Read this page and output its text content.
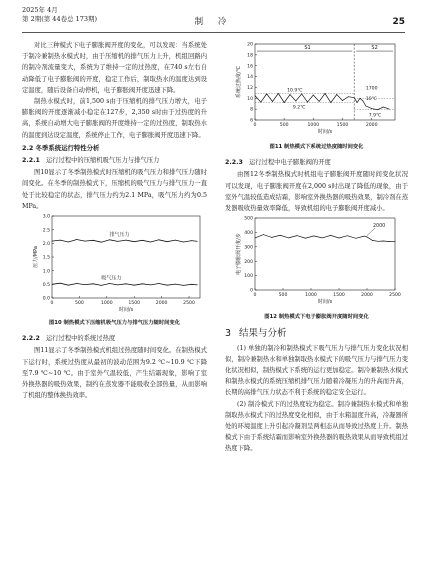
2025年 4月
第 2期(第 44卷总 173期)	制 冷	25

对比三种模式下电子膨胀阀开度的变化，可以发现：当系统处于制冷兼制热水模式时，由于压缩机的排气压力上升，机组回路内的制冷剂流量变大，系统为了维持一定的过热度，在740 s左右自动降低了电子膨胀阀的开度，稳定工作后，制取热水的温度达到设定温度，随后设备自动停机，电子膨胀阀开度迅速下降。

制热水模式时，前1,500 s由于压缩机的排气压力增大，电子膨胀阀的开度逐渐减小稳定在127步，2,350 s时由于过热度的升高，系统自动增大电子膨胀阀的开度维持一定的过热度，制取热水的温度到达设定温度，系统停止工作，电子膨胀阀开度迅速下降。

2.2 冬季系统运行特性分析
2.2.1 运行过程中的压缩机吸气压力与排气压力

图10显示了冬季制热模式时压缩机的吸气压力和排气压力随时间变化。在冬季的制热模式下，压缩机的吸气压力与排气压力一直处于比较稳定的状态，排气压力约为2.1 MPa，吸气压力约为0.5 MPa。

0	500	1000	1500	2000	2500
0.0
0.5
1.0
1.5
2.0
2.5
3.0
时间/s
压力/MPa
排气压力
吸气压力
图10 制热模式下压缩机吸气压力与排气压力随时间变化
2.2.2 运行过程中的系统过热度

图11显示了冬季制热模式机组过热度随时间变化。在制热模式下运行时，系统过热度从最初的波动范围为9.2 ℃~10.9 ℃下降至7.9 ℃~10 ℃。由于室外气温较低，产生结霜现象，影响了室外换热器的吸热效果，制约在蒸发器不能吸收全部热量，从而影响了机组的整体换热效率。

0	500	1000	1500	2000
6
8
10
12
14
16
18
20
时间/s
系统过热度/℃
S1	S2
10.9℃
9.2℃
1700
10℃
7.9℃
图11 制热模式下系统过热度随时间变化
2.2.3 运行过程中电子膨胀阀的开度

由图12冬季制热模式时机组电子膨胀阀开度随时间变化状况可以发现，电子膨胀阀开度在2,000 s时出现了降低的现象，由于室外气温较低造成结霜，影响室外换热器的吸热效果，制冷剂在蒸发器吸收热量效率降低，导致机组的电子膨胀阀开度减小。

0	500	1000	1500	2000	2500
0
100
200
300
400
500
时间/s
电子膨胀阀开度/步
2000
图12 制热模式下电子膨胀阀开度随时间变化
3 结果与分析

(1) 单独的制冷和制热模式下吸气压力与排气压力变化状况相似，制冷兼制热水和单独制取热水模式下的吸气压力与排气压力变化状况相似，制热模式下系统的运行更加稳定。制冷兼制热水模式和制热水模式的系统压缩机排气压力随着冷凝压力的升高而升高，长期的高排气压力状态不利于系统的稳定安全运行。

(2) 制冷模式下的过热度较为稳定。制冷兼制热水模式和单独制取热水模式下的过热度变化相似，由于水箱温度升高，冷凝器所处的环境温度上升引起冷凝剂呈两相态从而导致过热度上升。制热模式下由于系统结霜而影响室外换热器的吸热效果从而导致机组过热度下降。
